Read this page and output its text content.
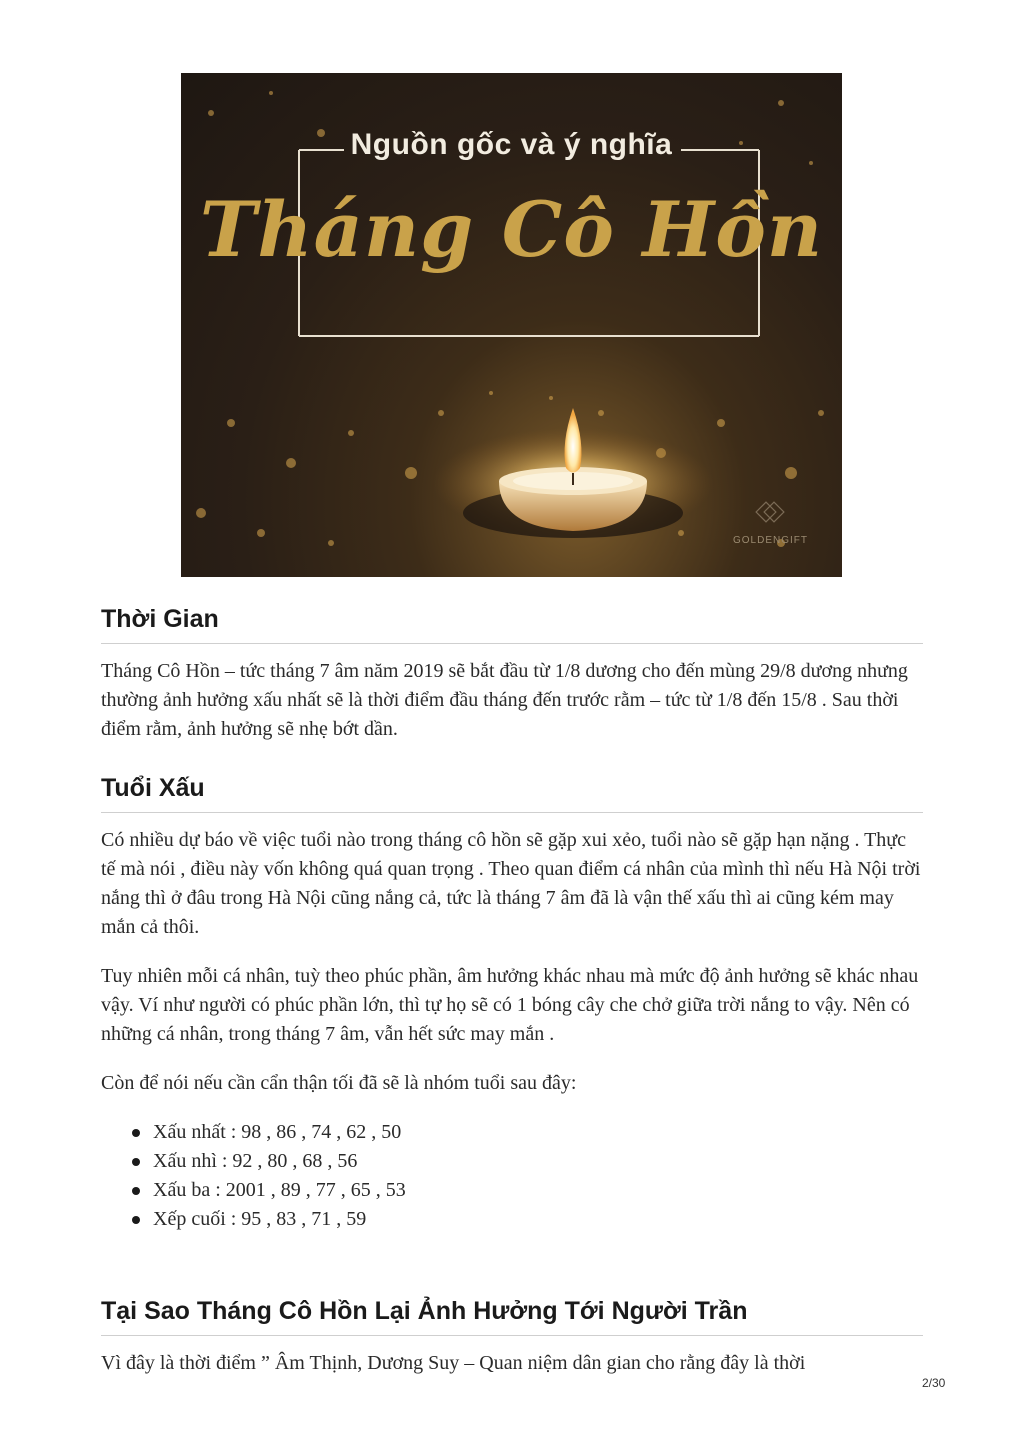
Nguồn gốc và ý nghĩa
Tháng Cô Hồn
GOLDENGIFT
Thời Gian

Tháng Cô Hồn – tức tháng 7 âm năm 2019 sẽ bắt đầu từ 1/8 dương cho đến mùng 29/8 dương nhưng thường ảnh hưởng xấu nhất sẽ là thời điểm đầu tháng đến trước rằm – tức từ 1/8 đến 15/8 . Sau thời điểm rằm, ảnh hưởng sẽ nhẹ bớt dần.

Tuổi Xấu

Có nhiều dự báo về việc tuổi nào trong tháng cô hồn sẽ gặp xui xẻo, tuổi nào sẽ gặp hạn nặng . Thực tế mà nói , điều này vốn không quá quan trọng . Theo quan điểm cá nhân của mình thì nếu Hà Nội trời nắng thì ở đâu trong Hà Nội cũng nắng cả, tức là tháng 7 âm đã là vận thế xấu thì ai cũng kém may mắn cả thôi.

Tuy nhiên mỗi cá nhân, tuỳ theo phúc phần, âm hưởng khác nhau mà mức độ ảnh hưởng sẽ khác nhau vậy. Ví như người có phúc phần lớn, thì tự họ sẽ có 1 bóng cây che chở giữa trời nắng to vậy. Nên có những cá nhân, trong tháng 7 âm, vẫn hết sức may mắn .

Còn để nói nếu cần cẩn thận tối đã sẽ là nhóm tuổi sau đây:

Xấu nhất : 98 , 86 , 74 , 62 , 50
Xấu nhì : 92 , 80 , 68 , 56
Xấu ba : 2001 , 89 , 77 , 65 , 53
Xếp cuối : 95 , 83 , 71 , 59
Tại Sao Tháng Cô Hồn Lại Ảnh Hưởng Tới Người Trần

Vì đây là thời điểm ” Âm Thịnh, Dương Suy – Quan niệm dân gian cho rằng đây là thời

2/30
